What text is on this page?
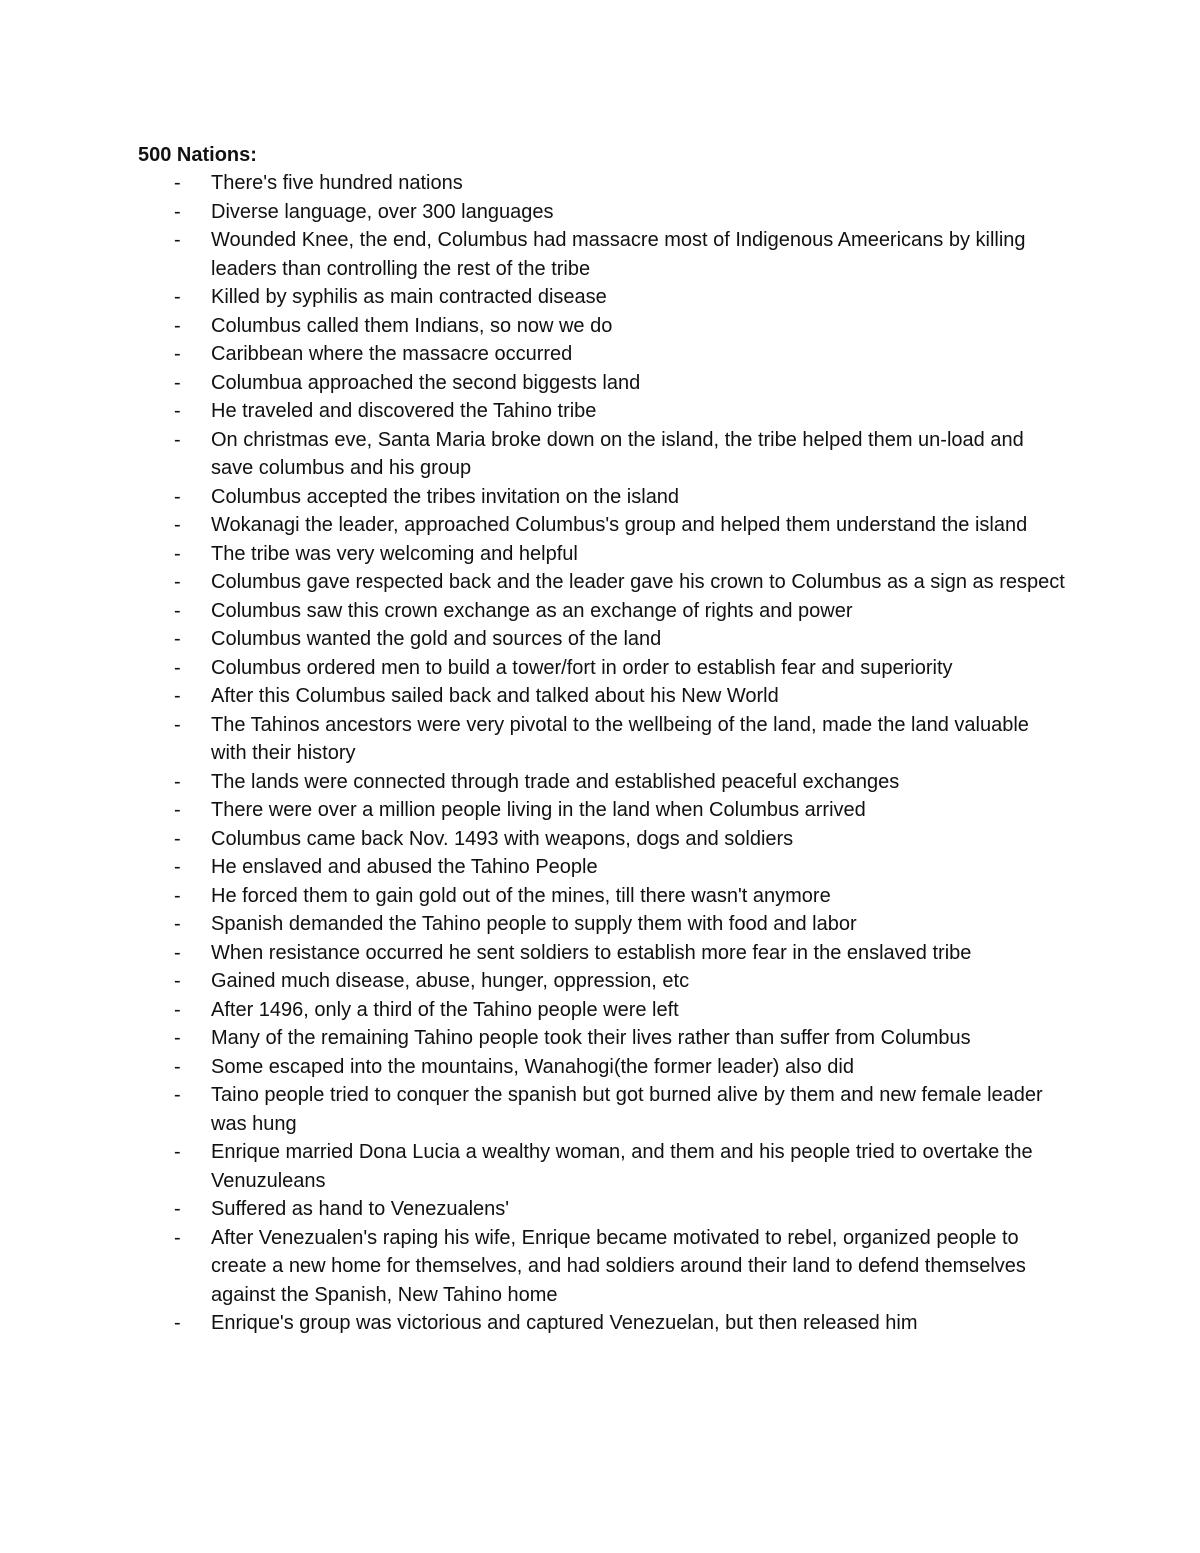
500 Nations:
- There's five hundred nations
- Diverse language, over 300 languages
- Wounded Knee, the end, Columbus had massacre most of Indigenous Ameericans by killing leaders than controlling the rest of the tribe
- Killed by syphilis as main contracted disease
- Columbus called them Indians, so now we do
- Caribbean where the massacre occurred
- Columbua approached the second biggests land
- He traveled and discovered the Tahino tribe
- On christmas eve, Santa Maria broke down on the island, the tribe helped them un-load and save columbus and his group
- Columbus accepted the tribes invitation on the island
- Wokanagi the leader, approached Columbus's group and helped them understand the island
- The tribe was very welcoming and helpful
- Columbus gave respected back and the leader gave his crown to Columbus as a sign as respect
- Columbus saw this crown exchange as an exchange of rights and power
- Columbus wanted the gold and sources of the land
- Columbus ordered men to build a tower/fort in order to establish fear and superiority
- After this Columbus sailed back and talked about his New World
- The Tahinos ancestors were very pivotal to the wellbeing of the land, made the land valuable with their history
- The lands were connected through trade and established peaceful exchanges
- There were over a million people living in the land when Columbus arrived
- Columbus came back Nov. 1493 with weapons, dogs and soldiers
- He enslaved and abused the Tahino People
- He forced them to gain gold out of the mines, till there wasn't anymore
- Spanish demanded the Tahino people to supply them with food and labor
- When resistance occurred he sent soldiers to establish more fear in the enslaved tribe
- Gained much disease, abuse, hunger, oppression, etc
- After 1496, only a third of the Tahino people were left
- Many of the remaining Tahino people took their lives rather than suffer from Columbus
- Some escaped into the mountains, Wanahogi(the former leader) also did
- Taino people tried to conquer the spanish but got burned alive by them and new female leader was hung
- Enrique married Dona Lucia a wealthy woman, and them and his people tried to overtake the Venuzuleans
- Suffered as hand to Venezualens'
- After Venezualen's raping his wife, Enrique became motivated to rebel, organized people to create a new home for themselves, and had soldiers around their land to defend themselves against the Spanish, New Tahino home
- Enrique's group was victorious and captured Venezuelan, but then released him
